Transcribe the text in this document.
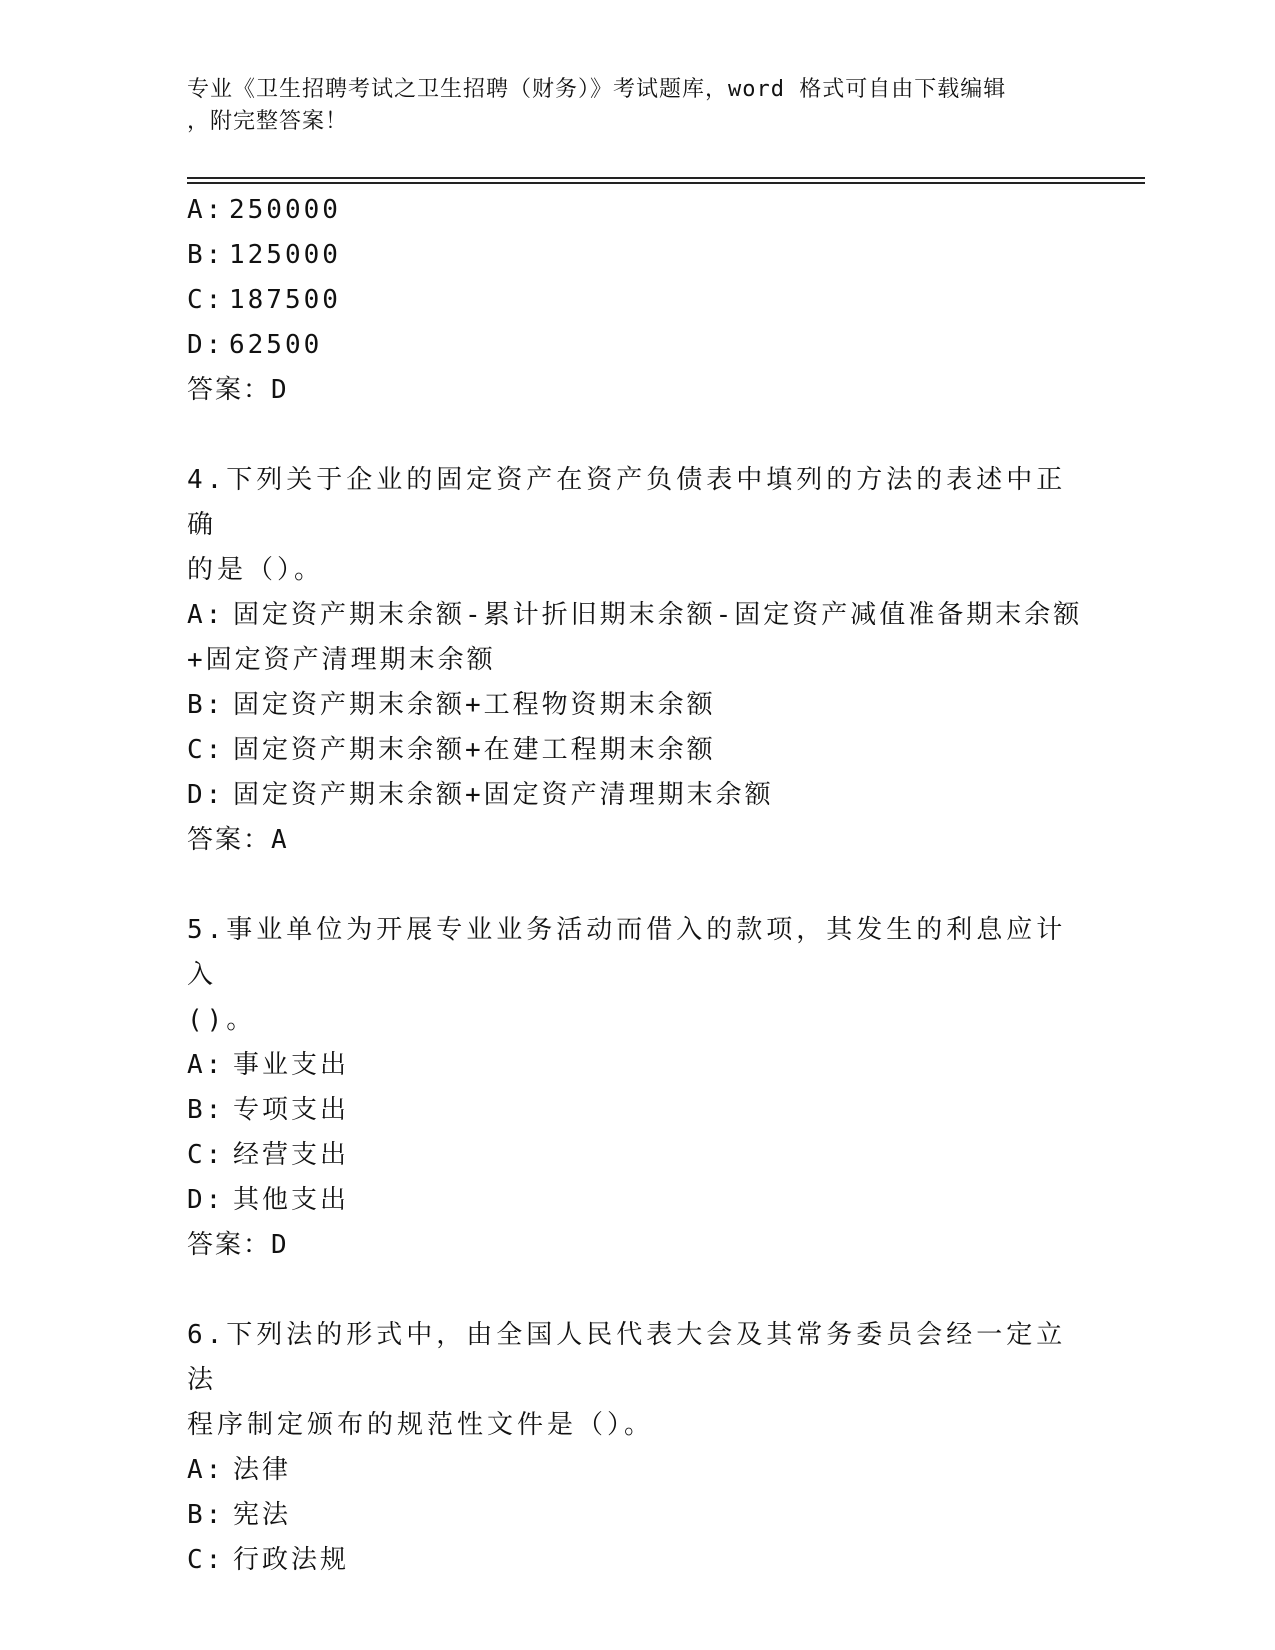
专业《卫生招聘考试之卫生招聘（财务）》考试题库，word 格式可自由下载编辑
，附完整答案！
A: 250000
B: 125000
C: 187500
D: 62500
答案：D
4.下列关于企业的固定资产在资产负债表中填列的方法的表述中正确
的是（）。
A: 固定资产期末余额-累计折旧期末余额-固定资产减值准备期末余额
+固定资产清理期末余额
B: 固定资产期末余额+工程物资期末余额
C: 固定资产期末余额+在建工程期末余额
D: 固定资产期末余额+固定资产清理期末余额
答案：A
5.事业单位为开展专业业务活动而借入的款项，其发生的利息应计入
()。
A: 事业支出
B: 专项支出
C: 经营支出
D: 其他支出
答案：D
6.下列法的形式中，由全国人民代表大会及其常务委员会经一定立法
程序制定颁布的规范性文件是（）。
A: 法律
B: 宪法
C: 行政法规
